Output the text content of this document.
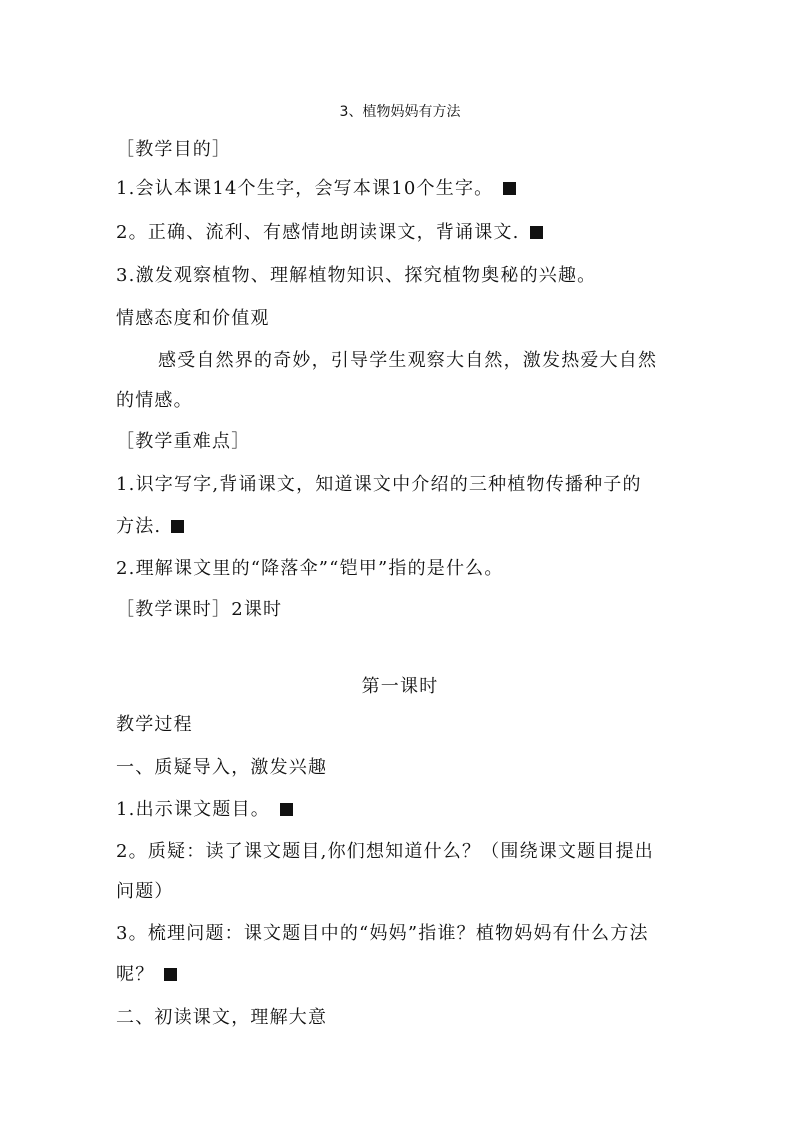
3、植物妈妈有方法
［教学目的］
1.会认本课14个生字，会写本课10个生字。
2。正确、流利、有感情地朗读课文，背诵课文.
3.激发观察植物、理解植物知识、探究植物奥秘的兴趣。
情感态度和价值观
感受自然界的奇妙，引导学生观察大自然，激发热爱大自然
的情感。
［教学重难点］
1.识字写字,背诵课文，知道课文中介绍的三种植物传播种子的
方法.
2.理解课文里的“降落伞”“铠甲”指的是什么。
［教学课时］2课时
第一课时
教学过程
一、质疑导入，激发兴趣
1.出示课文题目。
2。质疑：读了课文题目,你们想知道什么？（围绕课文题目提出
问题）
3。梳理问题：课文题目中的“妈妈”指谁？植物妈妈有什么方法
呢？
二、初读课文，理解大意
